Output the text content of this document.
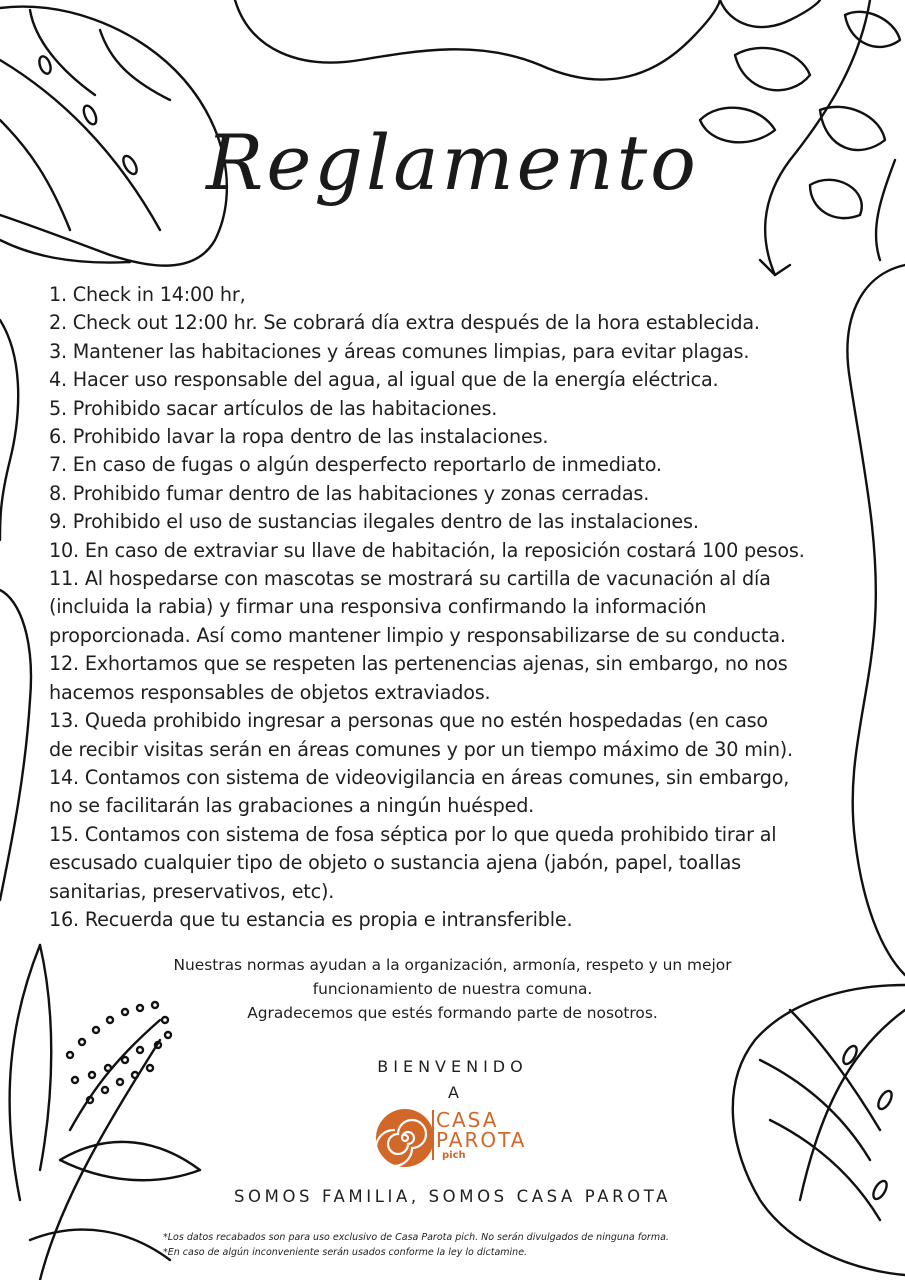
Reglamento
1. Check in 14:00 hr,
2. Check out 12:00 hr. Se cobrará día extra después de la hora establecida.
3. Mantener las habitaciones y áreas comunes limpias, para evitar plagas.
4. Hacer uso responsable del agua, al igual que de la energía eléctrica.
5. Prohibido sacar artículos de las habitaciones.
6. Prohibido lavar la ropa dentro de las instalaciones.
7. En caso de fugas o algún desperfecto reportarlo de inmediato.
8. Prohibido fumar dentro de las habitaciones y zonas cerradas.
9. Prohibido el uso de sustancias ilegales dentro de las instalaciones.
10. En caso de extraviar su llave de habitación, la reposición costará 100 pesos.
11. Al hospedarse con mascotas se mostrará su cartilla de vacunación al día
(incluida la rabia) y firmar una responsiva confirmando la información
proporcionada. Así como mantener limpio y responsabilizarse de su conducta.
12. Exhortamos que se respeten las pertenencias ajenas, sin embargo, no nos
hacemos responsables de objetos extraviados.
13. Queda prohibido ingresar a personas que no estén hospedadas (en caso
de recibir visitas serán en áreas comunes y por un tiempo máximo de 30 min).
14. Contamos con sistema de videovigilancia en áreas comunes, sin embargo,
no se facilitarán las grabaciones a ningún huésped.
15. Contamos con sistema de fosa séptica por lo que queda prohibido tirar al
escusado cualquier tipo de objeto o sustancia ajena (jabón, papel, toallas
sanitarias, preservativos, etc).
16. Recuerda que tu estancia es propia e intransferible.
Nuestras normas ayudan a la organización, armonía, respeto y un mejor
funcionamiento de nuestra comuna.
Agradecemos que estés formando parte de nosotros.
BIENVENIDO
A
CASA
PAROTA
pich
SOMOS FAMILIA, SOMOS CASA PAROTA
*Los datos recabados son para uso exclusivo de Casa Parota pich. No serán divulgados de ninguna forma.
*En caso de algún inconveniente serán usados conforme la ley lo dictamine.
